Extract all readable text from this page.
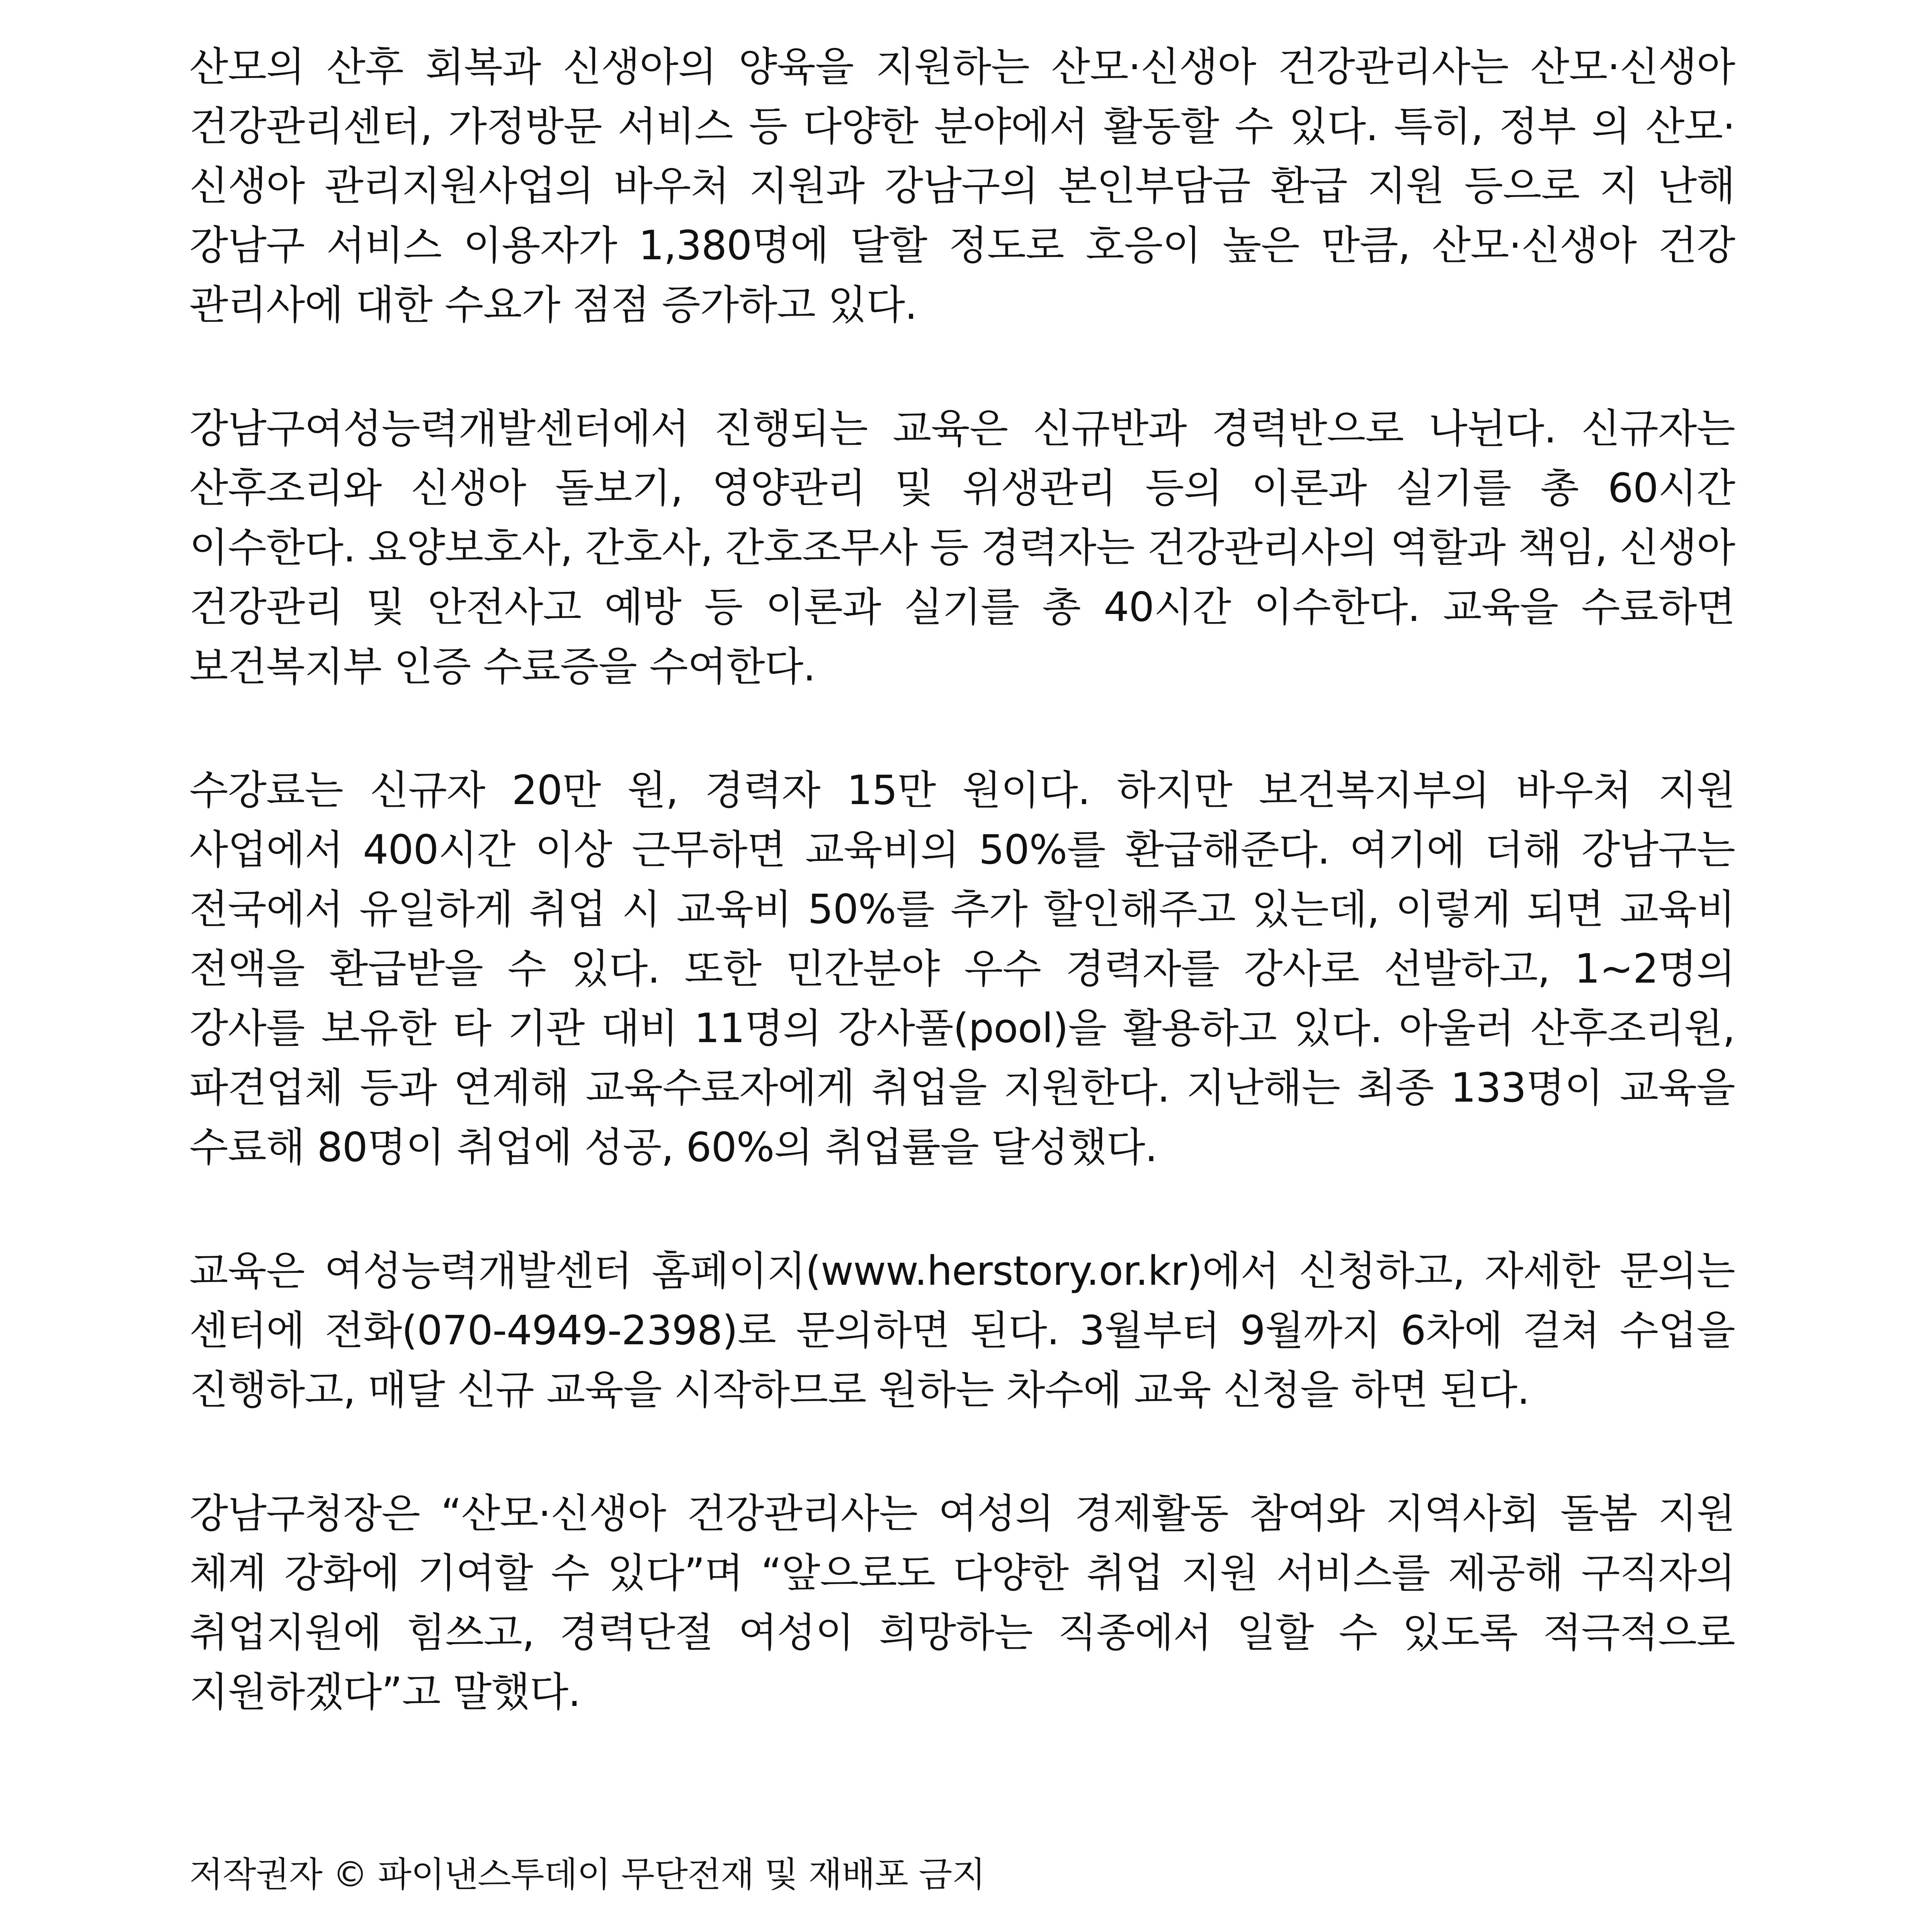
산모의 산후 회복과 신생아의 양육을 지원하는 산모·신생아 건강관리사는 산모·신생아 건강관리센터, 가정방문 서비스 등 다양한 분야에서 활동할 수 있다. 특히, 정부 의 산모·신생아 관리지원사업의 바우처 지원과 강남구의 본인부담금 환급 지원 등으로 지 난해 강남구 서비스 이용자가 1,380명에 달할 정도로 호응이 높은 만큼, 산모·신생아 건강 관리사에 대한 수요가 점점 증가하고 있다.

강남구여성능력개발센터에서 진행되는 교육은 신규반과 경력반으로 나뉜다. 신규자는 산후조리와 신생아 돌보기, 영양관리 및 위생관리 등의 이론과 실기를 총 60시간 이수한다. 요양보호사, 간호사, 간호조무사 등 경력자는 건강관리사의 역할과 책임, 신생아 건강관리 및 안전사고 예방 등 이론과 실기를 총 40시간 이수한다. 교육을 수료하면 보건복지부 인증 수료증을 수여한다.

수강료는 신규자 20만 원, 경력자 15만 원이다. 하지만 보건복지부의 바우처 지원 사업에서 400시간 이상 근무하면 교육비의 50%를 환급해준다. 여기에 더해 강남구는 전국에서 유일하게 취업 시 교육비 50%를 추가 할인해주고 있는데, 이렇게 되면 교육비 전액을 환급받을 수 있다. 또한 민간분야 우수 경력자를 강사로 선발하고, 1~2명의 강사를 보유한 타 기관 대비 11명의 강사풀(pool)을 활용하고 있다. 아울러 산후조리원, 파견업체 등과 연계해 교육수료자에게 취업을 지원한다. 지난해는 최종 133명이 교육을 수료해 80명이 취업에 성공, 60%의 취업률을 달성했다.

교육은 여성능력개발센터 홈페이지(www.herstory.or.kr)에서 신청하고, 자세한 문의는 센터에 전화(070-4949-2398)로 문의하면 된다. 3월부터 9월까지 6차에 걸쳐 수업을 진행하고, 매달 신규 교육을 시작하므로 원하는 차수에 교육 신청을 하면 된다.

강남구청장은 “산모·신생아 건강관리사는 여성의 경제활동 참여와 지역사회 돌봄 지원 체계 강화에 기여할 수 있다”며 “앞으로도 다양한 취업 지원 서비스를 제공해 구직자의 취업지원에 힘쓰고, 경력단절 여성이 희망하는 직종에서 일할 수 있도록 적극적으로 지원하겠다”고 말했다.

저작권자 © 파이낸스투데이 무단전재 및 재배포 금지
